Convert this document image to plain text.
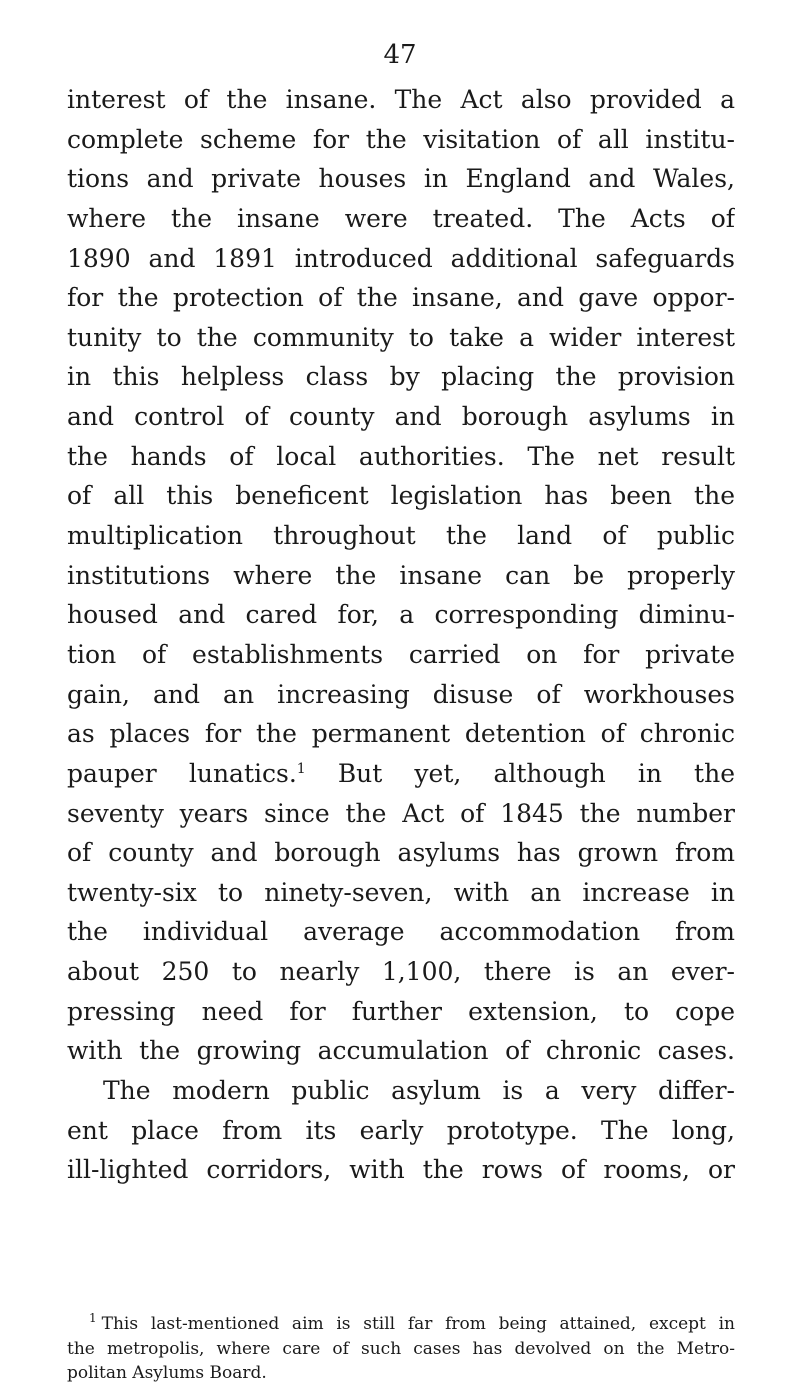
47
interest of the insane. The Act also provided a
complete scheme for the visitation of all institu-
tions and private houses in England and Wales,
where the insane were treated. The Acts of
1890 and 1891 introduced additional safeguards
for the protection of the insane, and gave oppor-
tunity to the community to take a wider interest
in this helpless class by placing the provision
and control of county and borough asylums in
the hands of local authorities. The net result
of all this beneficent legislation has been the
multiplication throughout the land of public
institutions where the insane can be properly
housed and cared for, a corresponding diminu-
tion of establishments carried on for private
gain, and an increasing disuse of workhouses
as places for the permanent detention of chronic
pauper lunatics.$^1$ But yet, although in the
seventy years since the Act of 1845 the number
of county and borough asylums has grown from
twenty-six to ninety-seven, with an increase in
the individual average accommodation from
about 250 to nearly 1,100, there is an ever-
pressing need for further extension, to cope
with the growing accumulation of chronic cases.
The modern public asylum is a very differ-
ent place from its early prototype. The long,
ill-lighted corridors, with the rows of rooms, or
$^1$ This last-mentioned aim is still far from being attained, except in
the metropolis, where care of such cases has devolved on the Metro-
politan Asylums Board.
